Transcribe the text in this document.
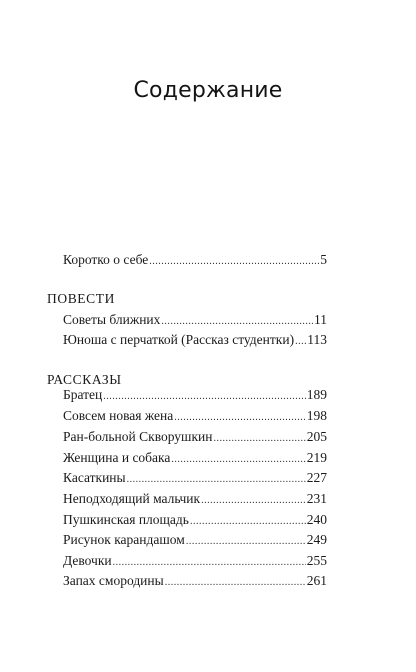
Содержание
Коротко о себе .....	5
ПОВЕСТИ
Советы ближних .....	11
Юноша с перчаткой (Рассказ студентки) ..... 113
РАССКАЗЫ
Братец .....	189
Совсем новая жена .....	198
Ран-больной Скворушкин .....	205
Женщина и собака .....	219
Касаткины .....	227
Неподходящий мальчик .....	231
Пушкинская площадь .....	240
Рисунок карандашом .....	249
Девочки .....	255
Запах смородины .....	261
